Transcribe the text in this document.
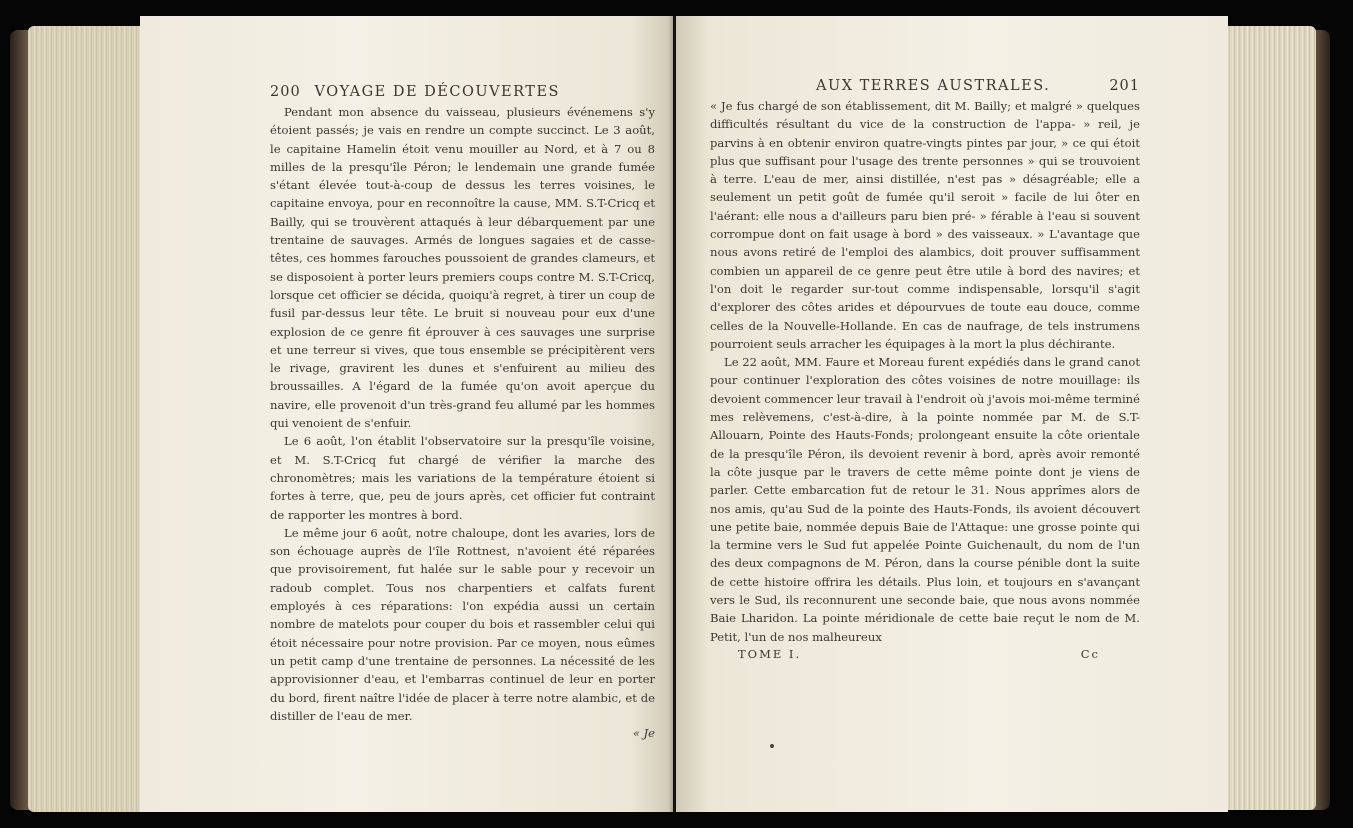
200 VOYAGE DE DÉCOUVERTES

Pendant mon absence du vaisseau, plusieurs événemens s'y étoient passés; je vais en rendre un compte succinct. Le 3 août, le capitaine Hamelin étoit venu mouiller au Nord, et à 7 ou 8 milles de la presqu'île Péron; le lendemain une grande fumée s'étant élevée tout-à-coup de dessus les terres voisines, le capitaine envoya, pour en reconnoître la cause, MM. S.T-Cricq et Bailly, qui se trouvèrent attaqués à leur débarquement par une trentaine de sauvages. Armés de longues sagaies et de casse-têtes, ces hommes farouches poussoient de grandes clameurs, et se disposoient à porter leurs premiers coups contre M. S.T-Cricq, lorsque cet officier se décida, quoiqu'à regret, à tirer un coup de fusil par-dessus leur tête. Le bruit si nouveau pour eux d'une explosion de ce genre fit éprouver à ces sauvages une surprise et une terreur si vives, que tous ensemble se précipitèrent vers le rivage, gravirent les dunes et s'enfuirent au milieu des broussailles. A l'égard de la fumée qu'on avoit aperçue du navire, elle provenoit d'un très-grand feu allumé par les hommes qui venoient de s'enfuir.

Le 6 août, l'on établit l'observatoire sur la presqu'île voisine, et M. S.T-Cricq fut chargé de vérifier la marche des chronomètres; mais les variations de la température étoient si fortes à terre, que, peu de jours après, cet officier fut contraint de rapporter les montres à bord.

Le même jour 6 août, notre chaloupe, dont les avaries, lors de son échouage auprès de l'île Rottnest, n'avoient été réparées que provisoirement, fut halée sur le sable pour y recevoir un radoub complet. Tous nos charpentiers et calfats furent employés à ces réparations: l'on expédia aussi un certain nombre de matelots pour couper du bois et rassembler celui qui étoit nécessaire pour notre provision. Par ce moyen, nous eûmes un petit camp d'une trentaine de personnes. La nécessité de les approvisionner d'eau, et l'embarras continuel de leur en porter du bord, firent naître l'idée de placer à terre notre alambic, et de distiller de l'eau de mer.

« Je
AUX TERRES AUSTRALES.	201

« Je fus chargé de son établissement, dit M. Bailly; et malgré » quelques difficultés résultant du vice de la construction de l'appa- » reil, je parvins à en obtenir environ quatre-vingts pintes par jour, » ce qui étoit plus que suffisant pour l'usage des trente personnes » qui se trouvoient à terre. L'eau de mer, ainsi distillée, n'est pas » désagréable; elle a seulement un petit goût de fumée qu'il seroit » facile de lui ôter en l'aérant: elle nous a d'ailleurs paru bien pré- » férable à l'eau si souvent corrompue dont on fait usage à bord » des vaisseaux. » L'avantage que nous avons retiré de l'emploi des alambics, doit prouver suffisamment combien un appareil de ce genre peut être utile à bord des navires; et l'on doit le regarder sur-tout comme indispensable, lorsqu'il s'agit d'explorer des côtes arides et dépourvues de toute eau douce, comme celles de la Nouvelle-Hollande. En cas de naufrage, de tels instrumens pourroient seuls arracher les équipages à la mort la plus déchirante.

Le 22 août, MM. Faure et Moreau furent expédiés dans le grand canot pour continuer l'exploration des côtes voisines de notre mouillage: ils devoient commencer leur travail à l'endroit où j'avois moi-même terminé mes relèvemens, c'est-à-dire, à la pointe nommée par M. de S.T-Allouarn, Pointe des Hauts-Fonds; prolongeant ensuite la côte orientale de la presqu'île Péron, ils devoient revenir à bord, après avoir remonté la côte jusque par le travers de cette même pointe dont je viens de parler. Cette embarcation fut de retour le 31. Nous apprîmes alors de nos amis, qu'au Sud de la pointe des Hauts-Fonds, ils avoient découvert une petite baie, nommée depuis Baie de l'Attaque: une grosse pointe qui la termine vers le Sud fut appelée Pointe Guichenault, du nom de l'un des deux compagnons de M. Péron, dans la course pénible dont la suite de cette histoire offrira les détails. Plus loin, et toujours en s'avançant vers le Sud, ils reconnurent une seconde baie, que nous avons nommée Baie Lharidon. La pointe méridionale de cette baie reçut le nom de M. Petit, l'un de nos malheureux

TOME I.	Cc
